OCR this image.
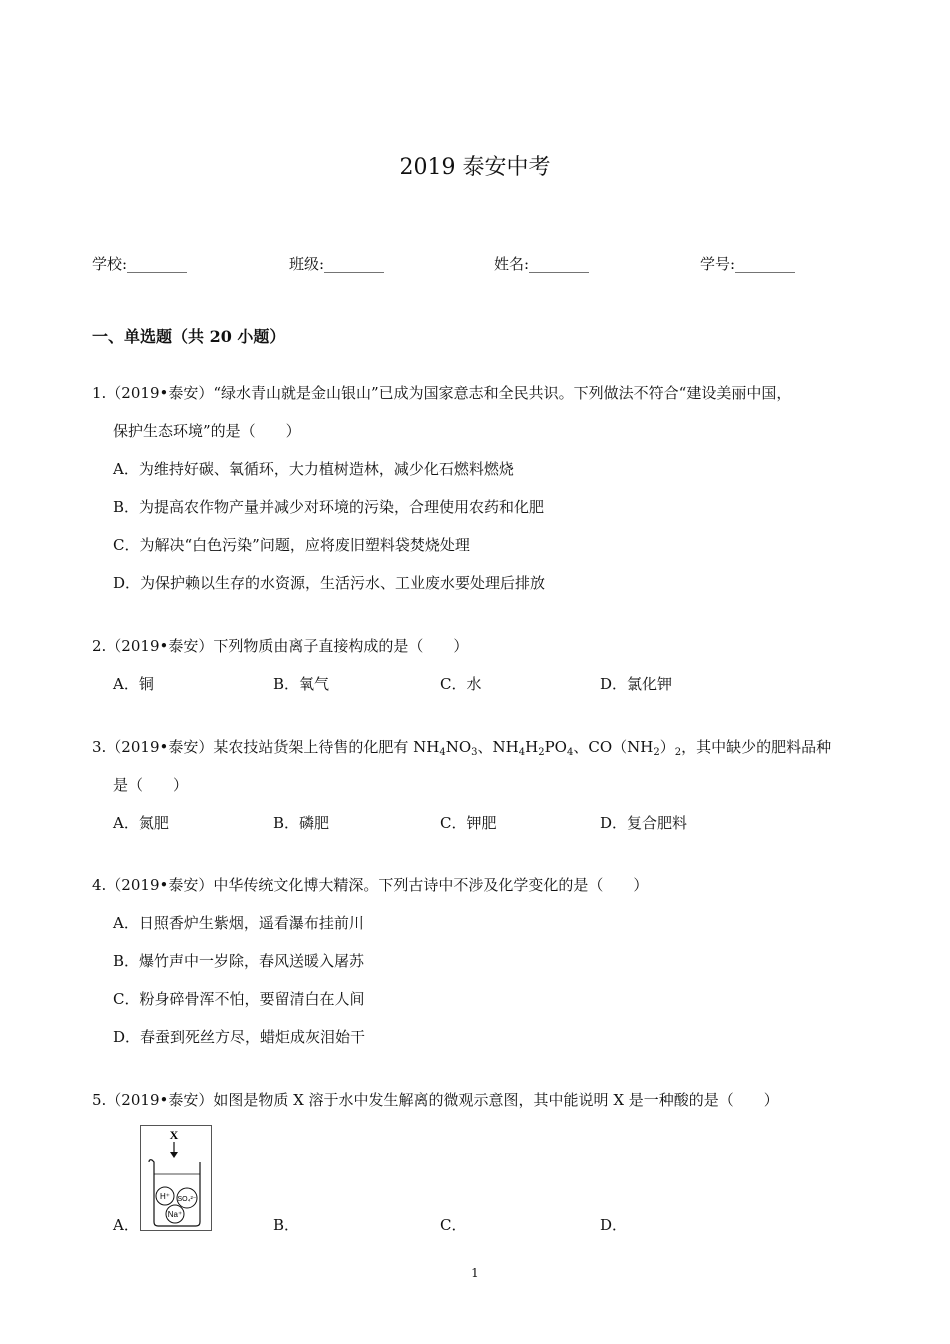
2019 泰安中考
学校:________	班级:________	姓名:________	学号:________
一、单选题（共 20 小题）
1.（2019•泰安）“绿水青山就是金山银山”已成为国家意志和全民共识。下列做法不符合“建设美丽中国，
保护生态环境”的是（　　）
A．为维持好碳、氧循环，大力植树造林，减少化石燃料燃烧
B．为提高农作物产量并减少对环境的污染，合理使用农药和化肥
C．为解决“白色污染”问题，应将废旧塑料袋焚烧处理
D．为保护赖以生存的水资源，生活污水、工业废水要处理后排放
2.（2019•泰安）下列物质由离子直接构成的是（　　）
A．铜	B．氧气	C．水	D．氯化钾
3.（2019•泰安）某农技站货架上待售的化肥有 $NH_4NO_3$、$NH_4H_2PO_4$、$CO(NH_2)_2$，其中缺少的肥料品种
是（　　）
A．氮肥	B．磷肥	C．钾肥	D．复合肥料
4.（2019•泰安）中华传统文化博大精深。下列古诗中不涉及化学变化的是（　　）
A．日照香炉生紫烟，遥看瀑布挂前川
B．爆竹声中一岁除，春风送暖入屠苏
C．粉身碎骨浑不怕，要留清白在人间
D．春蚕到死丝方尽，蜡炬成灰泪始干
5.（2019•泰安）如图是物质 X 溶于水中发生解离的微观示意图，其中能说明 X 是一种酸的是（　　）
X
H⁺ SO₄²⁻
Na⁺
A．	B．	C．	D．
1
